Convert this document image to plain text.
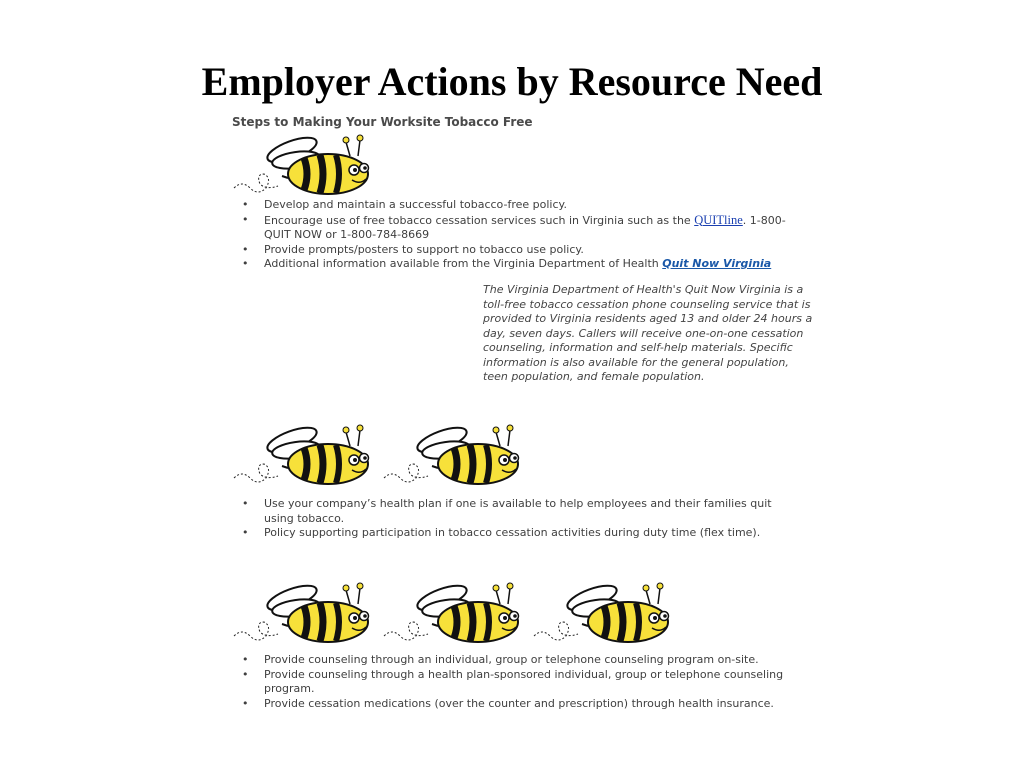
Employer Actions by Resource Need
Steps to Making Your Worksite Tobacco Free
• Develop and maintain a successful tobacco-free policy.
• Encourage use of free tobacco cessation services such in Virginia such as the QUITline. 1-800-QUIT NOW or 1-800-784-8669
• Provide prompts/posters to support no tobacco use policy.
• Additional information available from the Virginia Department of Health Quit Now Virginia
The Virginia Department of Health's Quit Now Virginia is a toll-free tobacco cessation phone counseling service that is provided to Virginia residents aged 13 and older 24 hours a day, seven days. Callers will receive one-on-one cessation counseling, information and self-help materials. Specific information is also available for the general population, teen population, and female population.
• Use your company’s health plan if one is available to help employees and their families quit using tobacco.
• Policy supporting participation in tobacco cessation activities during duty time (flex time).
• Provide counseling through an individual, group or telephone counseling program on-site.
• Provide counseling through a health plan-sponsored individual, group or telephone counseling program.
• Provide cessation medications (over the counter and prescription) through health insurance.
